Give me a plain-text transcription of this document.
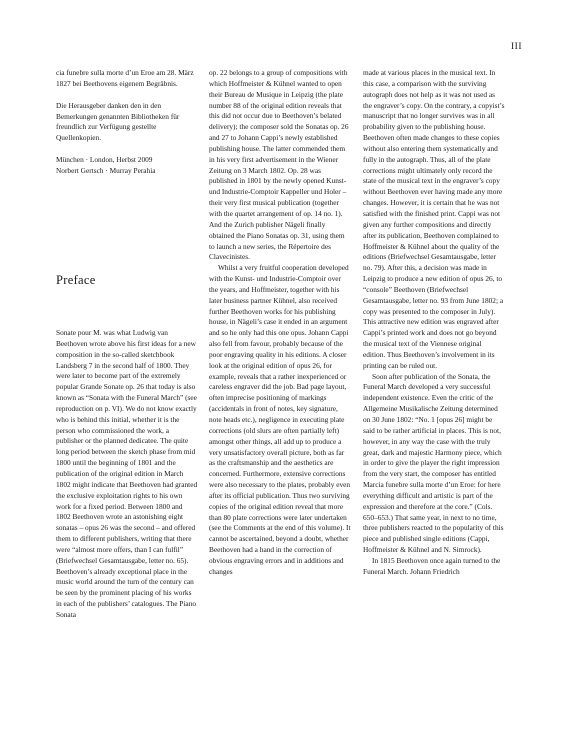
III

cia funebre sulla morte d’un Eroe am 28. März 1827 bei Beethovens eigenem Begräbnis.

Die Herausgeber danken den in den Bemerkungen genannten Bibliotheken für freundlich zur Verfügung gestellte Quellenkopien.

München · London, Herbst 2009
Norbert Gertsch · Murray Perahia

Preface

Sonate pour M. was what Ludwig van Beethoven wrote above his first ideas for a new composition in the so-called sketchbook Landsberg 7 in the second half of 1800. They were later to become part of the extremely popular Grande Sonate op. 26 that today is also known as “Sonata with the Funeral March” (see reproduction on p. VI). We do not know exactly who is behind this initial, whether it is the person who commissioned the work, a publisher or the planned dedicatee. The quite long period between the sketch phase from mid 1800 until the beginning of 1801 and the publication of the original edition in March 1802 might indicate that Beethoven had granted the exclusive exploitation rights to his own work for a fixed period. Between 1800 and 1802 Beethoven wrote an astonishing eight sonatas – opus 26 was the second – and offered them to different publishers, writing that there were “almost more offers, than I can fulfil” (Briefwechsel Gesamtausgabe, letter no. 65). Beethoven’s already exceptional place in the music world around the turn of the century can be seen by the prominent placing of his works in each of the publishers’ catalogues. The Piano Sonata

op. 22 belongs to a group of compositions with which Hoffmeister & Kühnel wanted to open their Bureau de Musique in Leipzig (the plate number 88 of the original edition reveals that this did not occur due to Beethoven’s belated delivery); the composer sold the Sonatas op. 26 and 27 to Johann Cappi’s newly established publishing house. The latter commended them in his very first advertisement in the Wiener Zeitung on 3 March 1802. Op. 28 was published in 1801 by the newly opened Kunst- und Industrie-Comptoir Kappeller und Holer – their very first musical publication (together with the quartet arrangement of op. 14 no. 1). And the Zurich publisher Nägeli finally obtained the Piano Sonatas op. 31, using them to launch a new series, the Répertoire des Clavecinistes.

Whilst a very fruitful cooperation developed with the Kunst- und Industrie-Comptoir over the years, and Hoffmeister, together with his later business partner Kühnel, also received further Beethoven works for his publishing house, in Nägeli’s case it ended in an argument and so he only had this one opus. Johann Cappi also fell from favour, probably because of the poor engraving quality in his editions. A closer look at the original edition of opus 26, for example, reveals that a rather inexperienced or careless engraver did the job. Bad page layout, often imprecise positioning of markings (accidentals in front of notes, key signature, note heads etc.), negligence in executing plate corrections (old slurs are often partially left) amongst other things, all add up to produce a very unsatisfactory overall picture, both as far as the craftsmanship and the aesthetics are concerned. Furthermore, extensive corrections were also necessary to the plates, probably even after its official publication. Thus two surviving copies of the original edition reveal that more than 80 plate corrections were later undertaken (see the Comments at the end of this volume). It cannot be ascertained, beyond a doubt, whether Beethoven had a hand in the correction of obvious engraving errors and in additions and changes

made at various places in the musical text. In this case, a comparison with the surviving autograph does not help as it was not used as the engraver’s copy. On the contrary, a copyist’s manuscript that no longer survives was in all probability given to the publishing house. Beethoven often made changes to these copies without also entering them systematically and fully in the autograph. Thus, all of the plate corrections might ultimately only record the state of the musical text in the engraver’s copy without Beethoven ever having made any more changes. However, it is certain that he was not satisfied with the finished print. Cappi was not given any further compositions and directly after its publication, Beethoven complained to Hoffmeister & Kühnel about the quality of the editions (Briefwechsel Gesamtausgabe, letter no. 79). After this, a decision was made in Leipzig to produce a new edition of opus 26, to “console” Beethoven (Briefwechsel Gesamtausgabe, letter no. 93 from June 1802; a copy was presented to the composer in July). This attractive new edition was engraved after Cappi’s printed work and does not go beyond the musical text of the Viennese original edition. Thus Beethoven’s involvement in its printing can be ruled out.

Soon after publication of the Sonata, the Funeral March developed a very successful independent existence. Even the critic of the Allgemeine Musikalische Zeitung determined on 30 June 1802: “No. 1 [opus 26] might be said to be rather artificial in places. This is not, however, in any way the case with the truly great, dark and majestic Harmony piece, which in order to give the player the right impression from the very start, the composer has entitled Marcia funebre sulla morte d’un Eroe: for here everything difficult and artistic is part of the expression and therefore at the core.” (Cols. 650–653.) That same year, in next to no time, three publishers reacted to the popularity of this piece and published single editions (Cappi, Hoffmeister & Kühnel and N. Simrock).

In 1815 Beethoven once again turned to the Funeral March. Johann Friedrich
